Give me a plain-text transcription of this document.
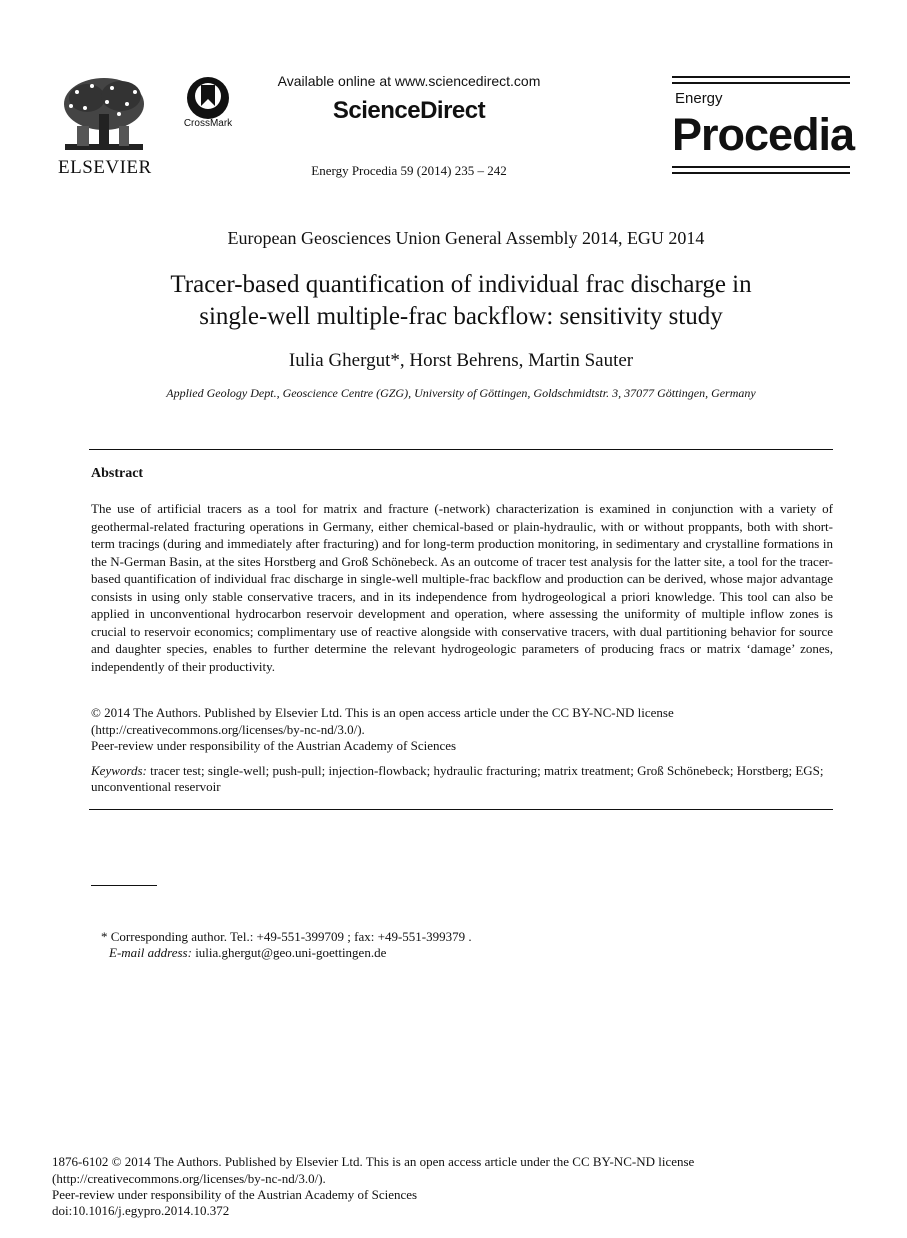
ELSEVIER
CrossMark
Available online at www.sciencedirect.com
ScienceDirect
Energy Procedia 59 (2014) 235 – 242
Energy
Procedia
European Geosciences Union General Assembly 2014, EGU 2014
Tracer-based quantification of individual frac discharge in
single-well multiple-frac backflow: sensitivity study
Iulia Ghergut*, Horst Behrens, Martin Sauter
Applied Geology Dept., Geoscience Centre (GZG), University of Göttingen, Goldschmidtstr. 3, 37077 Göttingen, Germany
Abstract

The use of artificial tracers as a tool for matrix and fracture (-network) characterization is examined in conjunction with a variety of geothermal-related fracturing operations in Germany, either chemical-based or plain-hydraulic, with or without proppants, both with short-term tracings (during and immediately after fracturing) and for long-term production monitoring, in sedimentary and crystalline formations in the N-German Basin, at the sites Horstberg and Groß Schönebeck. As an outcome of tracer test analysis for the latter site, a tool for the tracer-based quantification of individual frac discharge in single-well multiple-frac backflow and production can be derived, whose major advantage consists in using only stable conservative tracers, and in its independence from hydrogeological a priori knowledge. This tool can also be applied in unconventional hydrocarbon reservoir development and operation, where assessing the uniformity of multiple inflow zones is crucial to reservoir economics; complimentary use of reactive alongside with conservative tracers, with dual partitioning behavior for source and daughter species, enables to further determine the relevant hydrogeologic parameters of producing fracs or matrix ‘damage’ zones, independently of their productivity.

© 2014 The Authors. Published by Elsevier Ltd. This is an open access article under the CC BY-NC-ND license
(http://creativecommons.org/licenses/by-nc-nd/3.0/).
Peer-review under responsibility of the Austrian Academy of Sciences
Keywords: tracer test; single-well; push-pull; injection-flowback; hydraulic fracturing; matrix treatment; Groß Schönebeck; Horstberg; EGS; unconventional reservoir
* Corresponding author. Tel.: +49-551-399709 ; fax: +49-551-399379 .
E-mail address: iulia.ghergut@geo.uni-goettingen.de
1876-6102 © 2014 The Authors. Published by Elsevier Ltd. This is an open access article under the CC BY-NC-ND license
(http://creativecommons.org/licenses/by-nc-nd/3.0/).
Peer-review under responsibility of the Austrian Academy of Sciences
doi:10.1016/j.egypro.2014.10.372
